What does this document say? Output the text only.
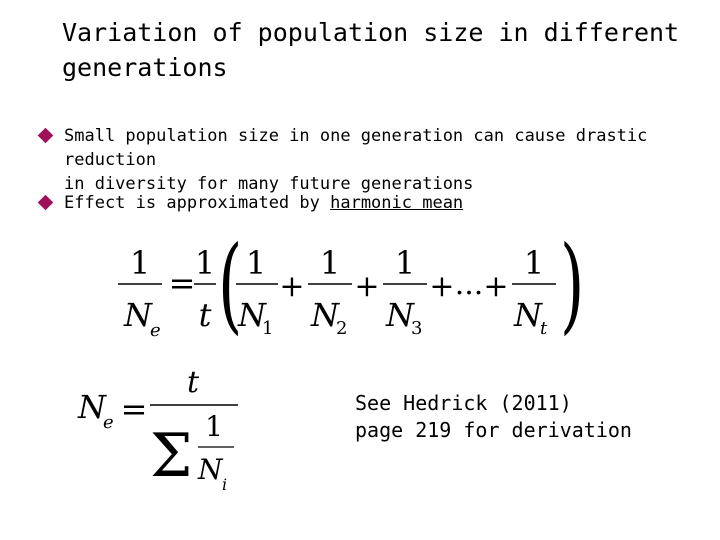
Variation of population size in different
generations
Small population size in one generation can cause drastic reduction
in diversity for many future generations
Effect is approximated by harmonic mean
1
N
e
=
1
t ( 1
N
1
+
1
N
2
+
1
N
3
+ ... +
1
N
t )
N
e =
t
Σ 1
N i
See Hedrick (2011)
page 219 for derivation
